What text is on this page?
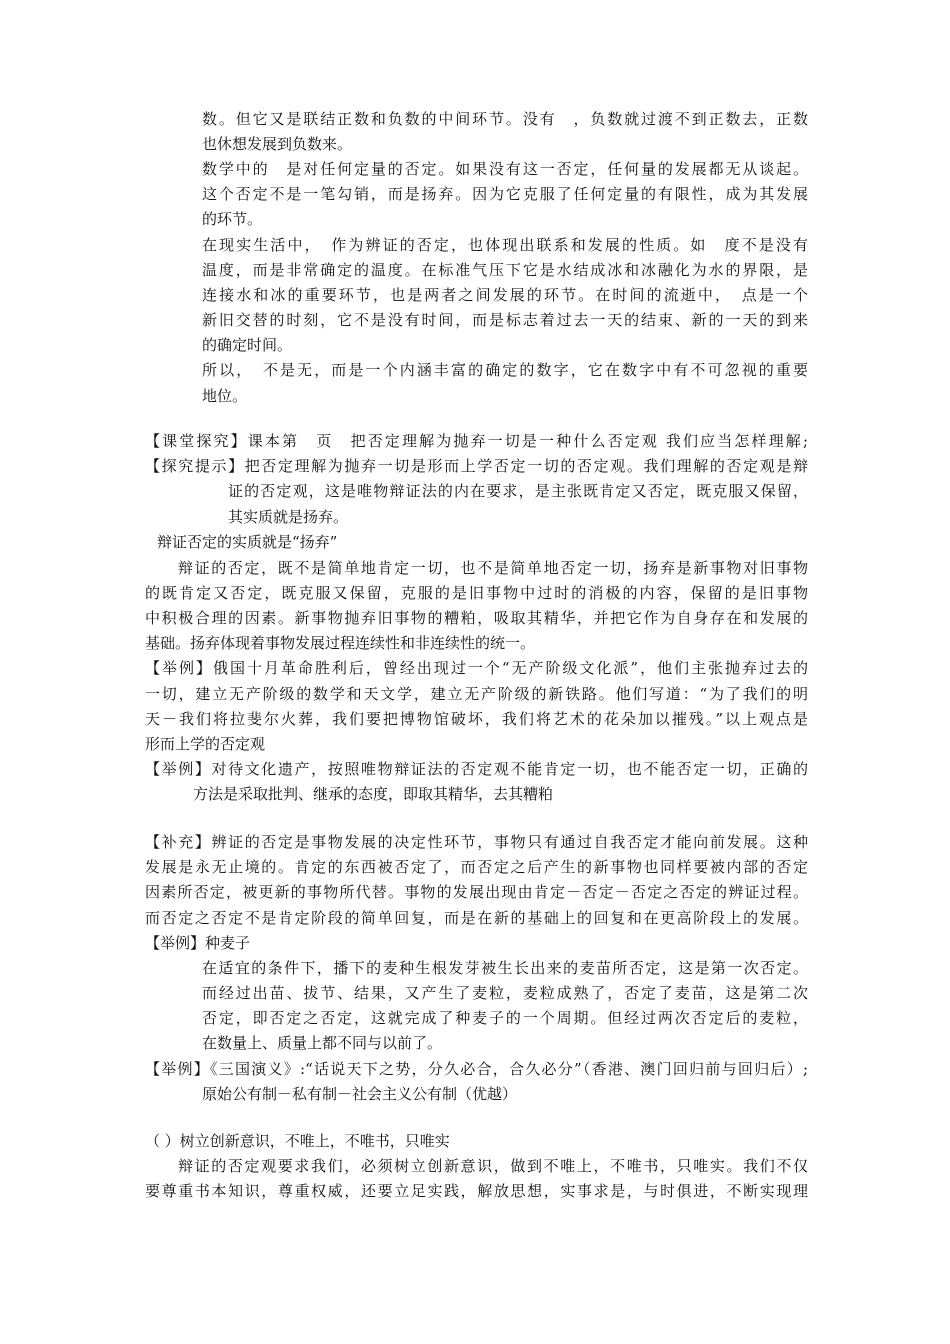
数。但它又是联结正数和负数的中间环节。没有　，负数就过渡不到正数去，正数
也休想发展到负数来。
数学中的　是对任何定量的否定。如果没有这一否定，任何量的发展都无从谈起。
这个否定不是一笔勾销，而是扬弃。因为它克服了任何定量的有限性，成为其发展
的环节。
在现实生活中，　作为辨证的否定，也体现出联系和发展的性质。如　度不是没有
温度，而是非常确定的温度。在标准气压下它是水结成冰和冰融化为水的界限，是
连接水和冰的重要环节，也是两者之间发展的环节。在时间的流逝中，　点是一个
新旧交替的时刻，它不是没有时间，而是标志着过去一天的结束、新的一天的到来
的确定时间。
所以，　不是无，而是一个内涵丰富的确定的数字，它在数字中有不可忽视的重要
地位。
【课堂探究】课本第　页　把否定理解为抛弃一切是一种什么否定观 我们应当怎样理解;
【探究提示】把否定理解为抛弃一切是形而上学否定一切的否定观。我们理解的否定观是辩
证的否定观，这是唯物辩证法的内在要求，是主张既肯定又否定，既克服又保留，
其实质就是扬弃。
辩证否定的实质就是“扬弃”
辩证的否定，既不是简单地肯定一切，也不是简单地否定一切，扬弃是新事物对旧事物
的既肯定又否定，既克服又保留，克服的是旧事物中过时的消极的内容，保留的是旧事物
中积极合理的因素。新事物抛弃旧事物的糟粕，吸取其精华，并把它作为自身存在和发展的
基础。扬弃体现着事物发展过程连续性和非连续性的统一。
【举例】俄国十月革命胜利后，曾经出现过一个“无产阶级文化派”，他们主张抛弃过去的
一切，建立无产阶级的数学和天文学，建立无产阶级的新铁路。他们写道：“为了我们的明
天－我们将拉斐尔火葬，我们要把博物馆破坏，我们将艺术的花朵加以摧残。”以上观点是
形而上学的否定观
【举例】对待文化遗产，按照唯物辩证法的否定观不能肯定一切，也不能否定一切，正确的
方法是采取批判、继承的态度，即取其精华，去其糟粕
【补充】辨证的否定是事物发展的决定性环节，事物只有通过自我否定才能向前发展。这种
发展是永无止境的。肯定的东西被否定了，而否定之后产生的新事物也同样要被内部的否定
因素所否定，被更新的事物所代替。事物的发展出现由肯定－否定－否定之否定的辨证过程。
而否定之否定不是肯定阶段的简单回复，而是在新的基础上的回复和在更高阶段上的发展。
【举例】种麦子
在适宜的条件下，播下的麦种生根发芽被生长出来的麦苗所否定，这是第一次否定。
而经过出苗、拔节、结果，又产生了麦粒，麦粒成熟了，否定了麦苗，这是第二次
否定，即否定之否定，这就完成了种麦子的一个周期。但经过两次否定后的麦粒，
在数量上、质量上都不同与以前了。
【举例】《三国演义》:“话说天下之势，分久必合，合久必分”（香港、澳门回归前与回归后）;
原始公有制－私有制－社会主义公有制（优越）
（ ）树立创新意识，不唯上，不唯书，只唯实
辩证的否定观要求我们，必须树立创新意识，做到不唯上，不唯书，只唯实。我们不仅
要尊重书本知识，尊重权威，还要立足实践，解放思想，实事求是，与时俱进，不断实现理
